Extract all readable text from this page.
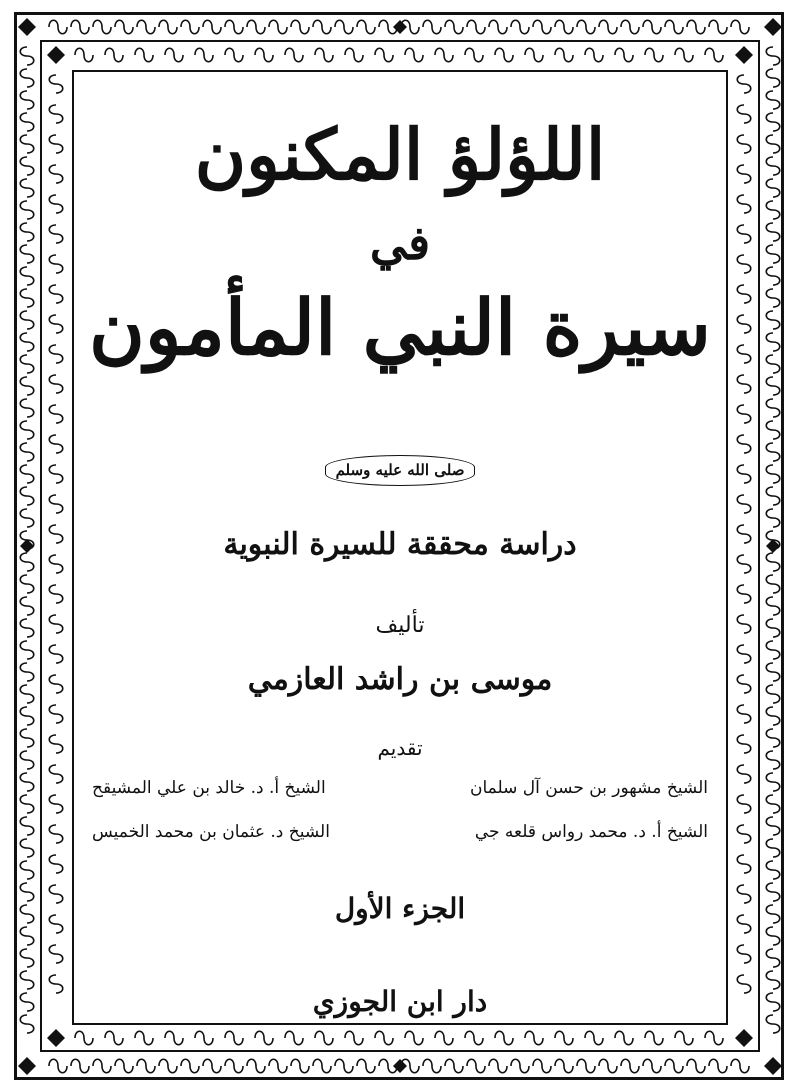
اللؤلؤ المكنون
في
سيرة النبي المأمون
صلى الله عليه وسلم
دراسة محققة للسيرة النبوية
تأليف
موسى بن راشد العازمي
تقديم
الشيخ مشهور بن حسن آل سلمان
الشيخ أ. د. خالد بن علي المشيقح
الشيخ أ. د. محمد رواس قلعه جي
الشيخ د. عثمان بن محمد الخميس
الجزء الأول
دار ابن الجوزي
